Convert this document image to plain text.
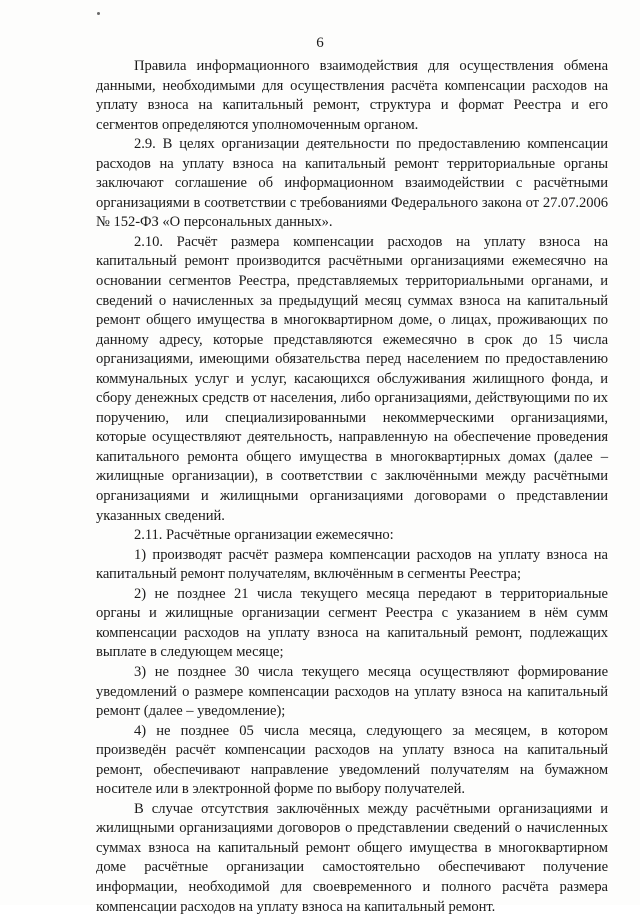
6

Правила информационного взаимодействия для осуществления обмена данными, необходимыми для осуществления расчёта компенсации расходов на уплату взноса на капитальный ремонт, структура и формат Реестра и его сегментов определяются уполномоченным органом.

2.9. В целях организации деятельности по предоставлению компенсации расходов на уплату взноса на капитальный ремонт территориальные органы заключают соглашение об информационном взаимодействии с расчётными организациями в соответствии с требованиями Федерального закона от 27.07.2006 № 152-ФЗ «О персональных данных».

2.10. Расчёт размера компенсации расходов на уплату взноса на капитальный ремонт производится расчётными организациями ежемесячно на основании сегментов Реестра, представляемых территориальными органами, и сведений о начисленных за предыдущий месяц суммах взноса на капитальный ремонт общего имущества в многоквартирном доме, о лицах, проживающих по данному адресу, которые представляются ежемесячно в срок до 15 числа организациями, имеющими обязательства перед населением по предоставлению коммунальных услуг и услуг, касающихся обслуживания жилищного фонда, и сбору денежных средств от населения, либо организациями, действующими по их поручению, или специализированными некоммерческими организациями, которые осуществляют деятельность, направленную на обеспечение проведения капитального ремонта общего имущества в многоквартирных домах (далее – жилищные организации), в соответствии с заключёнными между расчётными организациями и жилищными организациями договорами о представлении указанных сведений.

2.11. Расчётные организации ежемесячно:

1) производят расчёт размера компенсации расходов на уплату взноса на капитальный ремонт получателям, включённым в сегменты Реестра;

2) не позднее 21 числа текущего месяца передают в территориальные органы и жилищные организации сегмент Реестра с указанием в нём сумм компенсации расходов на уплату взноса на капитальный ремонт, подлежащих выплате в следующем месяце;

3) не позднее 30 числа текущего месяца осуществляют формирование уведомлений о размере компенсации расходов на уплату взноса на капитальный ремонт (далее – уведомление);

4) не позднее 05 числа месяца, следующего за месяцем, в котором произведён расчёт компенсации расходов на уплату взноса на капитальный ремонт, обеспечивают направление уведомлений получателям на бумажном носителе или в электронной форме по выбору получателей.

В случае отсутствия заключённых между расчётными организациями и жилищными организациями договоров о представлении сведений о начисленных суммах взноса на капитальный ремонт общего имущества в многоквартирном доме расчётные организации самостоятельно обеспечивают получение информации, необходимой для своевременного и полного расчёта размера компенсации расходов на уплату взноса на капитальный ремонт.
